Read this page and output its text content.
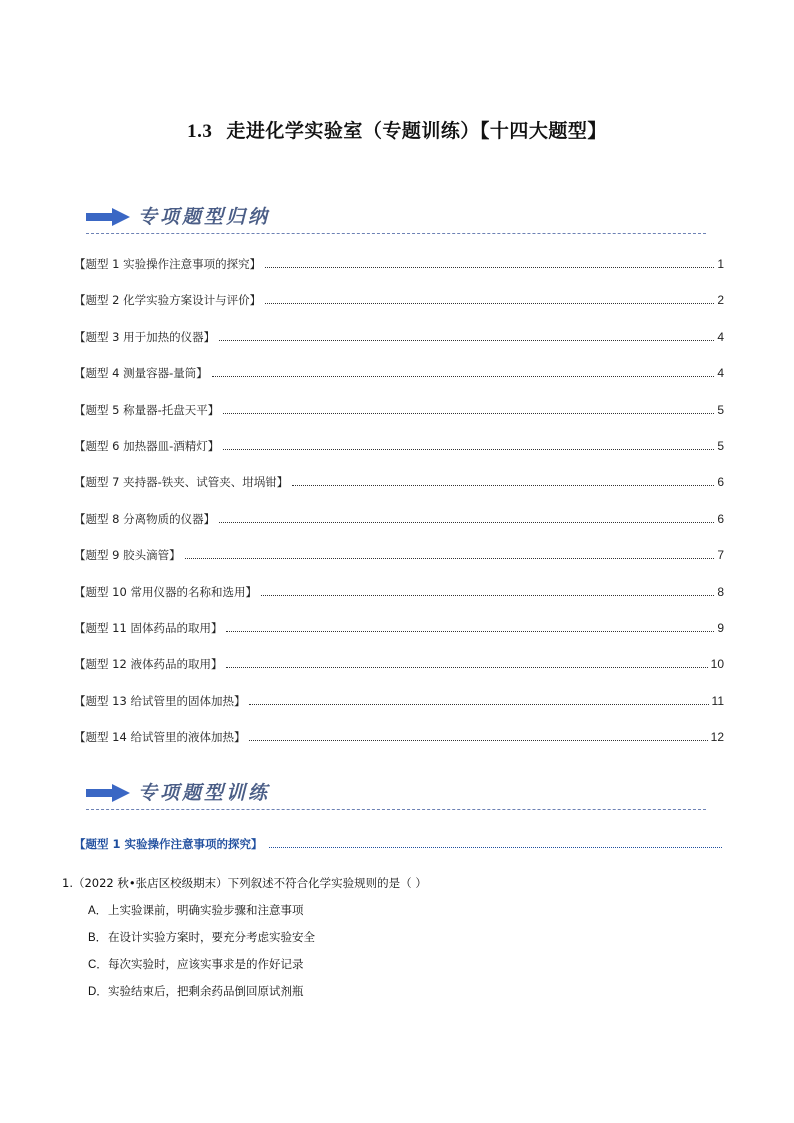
1.3 走进化学实验室（专题训练）【十四大题型】
专项题型归纳
【题型 1 实验操作注意事项的探究】	1
【题型 2 化学实验方案设计与评价】	2
【题型 3 用于加热的仪器】	4
【题型 4 测量容器-量筒】	4
【题型 5 称量器-托盘天平】	5
【题型 6 加热器皿-酒精灯】	5
【题型 7 夹持器-铁夹、试管夹、坩埚钳】	6
【题型 8 分离物质的仪器】	6
【题型 9 胶头滴管】	7
【题型 10 常用仪器的名称和选用】	8
【题型 11 固体药品的取用】	9
【题型 12 液体药品的取用】	10
【题型 13 给试管里的固体加热】	11
【题型 14 给试管里的液体加热】	12
专项题型训练
【题型 1 实验操作注意事项的探究】
1.（2022 秋•张店区校级期末）下列叙述不符合化学实验规则的是（ ）
A．上实验课前，明确实验步骤和注意事项
B．在设计实验方案时，要充分考虑实验安全
C．每次实验时，应该实事求是的作好记录
D．实验结束后，把剩余药品倒回原试剂瓶
